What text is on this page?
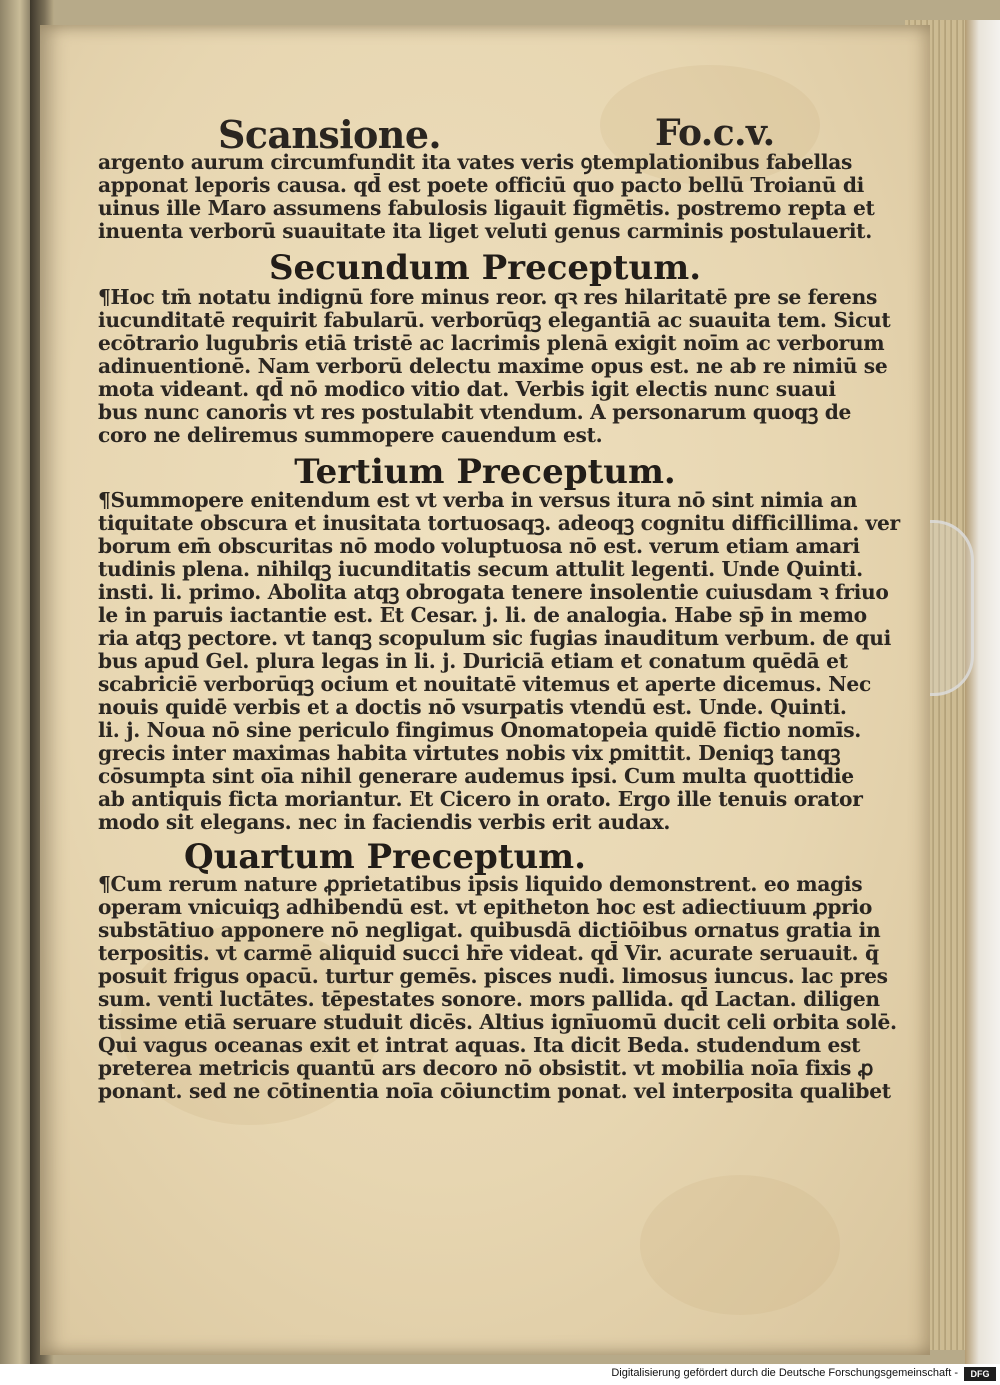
Scansione.	Fo.c.v.
argento aurum circumfundit ita vates veris ꝯtemplationibus fabellas
apponat leporis causa. qd̄ est poete officiū quo pacto bellū Troianū di
uinus ille Maro assumens fabulosis ligauit figmētis. postremo repta et
inuenta verborū suauitate ita liget veluti genus carminis postulauerit.
Secundum Preceptum.
¶Hoc tm̄ notatu indignū fore minus reor. qꝛ res hilaritatē pre se ferens
iucunditatē requirit fabularū. verborūqꝫ elegantiā ac suauita tem. Sicut
ecōtrario lugubris etiā tristē ac lacrimis plenā exigit noīm ac verborum
adinuentionē. Nam verborū delectu maxime opus est. ne ab re nimiū se
mota videant. qd̄ nō modico vitio dat. Verbis igit electis nunc suaui
bus nunc canoris vt res postulabit vtendum. A personarum quoqꝫ de
coro ne deliremus summopere cauendum est.
Tertium Preceptum.
¶Summopere enitendum est vt verba in versus itura nō sint nimia an
tiquitate obscura et inusitata tortuosaqꝫ. adeoqꝫ cognitu difficillima. ver
borum em̄ obscuritas nō modo voluptuosa nō est. verum etiam amari
tudinis plena. nihilqꝫ iucunditatis secum attulit legenti. Unde Quinti.
insti. li. primo. Abolita atqꝫ obrogata tenere insolentie cuiusdam ꝛ friuo
le in paruis iactantie est. Et Cesar. j. li. de analogia. Habe sp̄ in memo
ria atqꝫ pectore. vt tanqꝫ scopulum sic fugias inauditum verbum. de qui
bus apud Gel. plura legas in li. j. Duriciā etiam et conatum quēdā et
scabriciē verborūqꝫ ocium et nouitatē vitemus et aperte dicemus. Nec
nouis quidē verbis et a doctis nō vsurpatis vtendū est. Unde. Quinti.
li. j. Noua nō sine periculo fingimus Onomatopeia quidē fictio nomīs.
grecis inter maximas habita virtutes nobis vix ꝑmittit. Deniqꝫ tanqꝫ
cōsumpta sint oīa nihil generare audemus ipsi. Cum multa quottidie
ab antiquis ficta moriantur. Et Cicero in orato. Ergo ille tenuis orator
modo sit elegans. nec in faciendis verbis erit audax.
Quartum Preceptum.
¶Cum rerum nature ꝓprietatibus ipsis liquido demonstrent. eo magis
operam vnicuiqꝫ adhibendū est. vt epitheton hoc est adiectiuum ꝓprio
substātiuo apponere nō negligat. quibusdā dictiōibus ornatus gratia in
terpositis. vt carmē aliquid succi hr̄e videat. qd̄ Vir. acurate seruauit. q̄
posuit frigus opacū. turtur gemēs. pisces nudi. limosus iuncus. lac pres
sum. venti luctātes. tēpestates sonore. mors pallida. qd̄ Lactan. diligen
tissime etiā seruare studuit dicēs. Altius ignīuomū ducit celi orbita solē.
Qui vagus oceanas exit et intrat aquas. Ita dicit Beda. studendum est
preterea metricis quantū ars decoro nō obsistit. vt mobilia noīa fixis ꝓ
ponant. sed ne cōtinentia noīa cōiunctim ponat. vel interposita qualibet
Digitalisierung gefördert durch die Deutsche Forschungsgemeinschaft -	DFG
